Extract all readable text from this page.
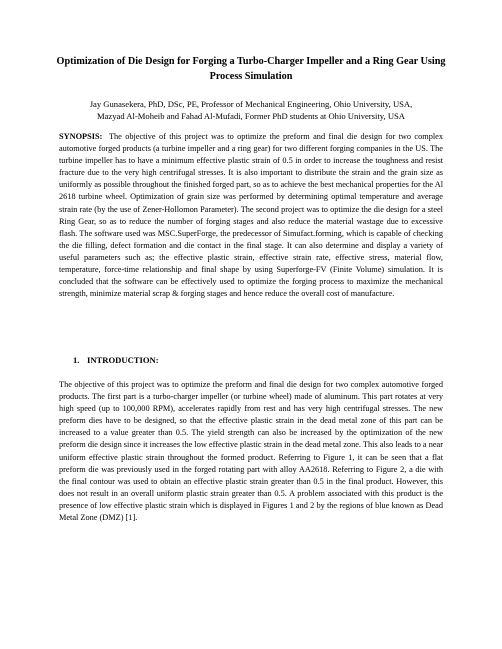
Optimization of Die Design for Forging a Turbo-Charger Impeller and a Ring Gear Using Process Simulation
Jay Gunasekera, PhD, DSc, PE, Professor of Mechanical Engineering, Ohio University, USA,
Mazyad Al-Moheib and Fahad Al-Mufadi, Former PhD students at Ohio University, USA

SYNOPSIS: The objective of this project was to optimize the preform and final die design for two complex automotive forged products (a turbine impeller and a ring gear) for two different forging companies in the US. The turbine impeller has to have a minimum effective plastic strain of 0.5 in order to increase the toughness and resist fracture due to the very high centrifugal stresses. It is also important to distribute the strain and the grain size as uniformly as possible throughout the finished forged part, so as to achieve the best mechanical properties for the Al 2618 turbine wheel. Optimization of grain size was performed by determining optimal temperature and average strain rate (by the use of Zener-Hollomon Parameter). The second project was to optimize the die design for a steel Ring Gear, so as to reduce the number of forging stages and also reduce the material wastage due to excessive flash. The software used was MSC.SuperForge, the predecessor of Simufact.forming, which is capable of checking the die filling, defect formation and die contact in the final stage. It can also determine and display a variety of useful parameters such as; the effective plastic strain, effective strain rate, effective stress, material flow, temperature, force-time relationship and final shape by using Superforge-FV (Finite Volume) simulation. It is concluded that the software can be effectively used to optimize the forging process to maximize the mechanical strength, minimize material scrap & forging stages and hence reduce the overall cost of manufacture.

1. INTRODUCTION:

The objective of this project was to optimize the preform and final die design for two complex automotive forged products. The first part is a turbo-charger impeller (or turbine wheel) made of aluminum. This part rotates at very high speed (up to 100,000 RPM), accelerates rapidly from rest and has very high centrifugal stresses. The new preform dies have to be designed, so that the effective plastic strain in the dead metal zone of this part can be increased to a value greater than 0.5. The yield strength can also be increased by the optimization of the new preform die design since it increases the low effective plastic strain in the dead metal zone. This also leads to a near uniform effective plastic strain throughout the formed product. Referring to Figure 1, it can be seen that a flat preform die was previously used in the forged rotating part with alloy AA2618. Referring to Figure 2, a die with the final contour was used to obtain an effective plastic strain greater than 0.5 in the final product. However, this does not result in an overall uniform plastic strain greater than 0.5. A problem associated with this product is the presence of low effective plastic strain which is displayed in Figures 1 and 2 by the regions of blue known as Dead Metal Zone (DMZ) [1].
